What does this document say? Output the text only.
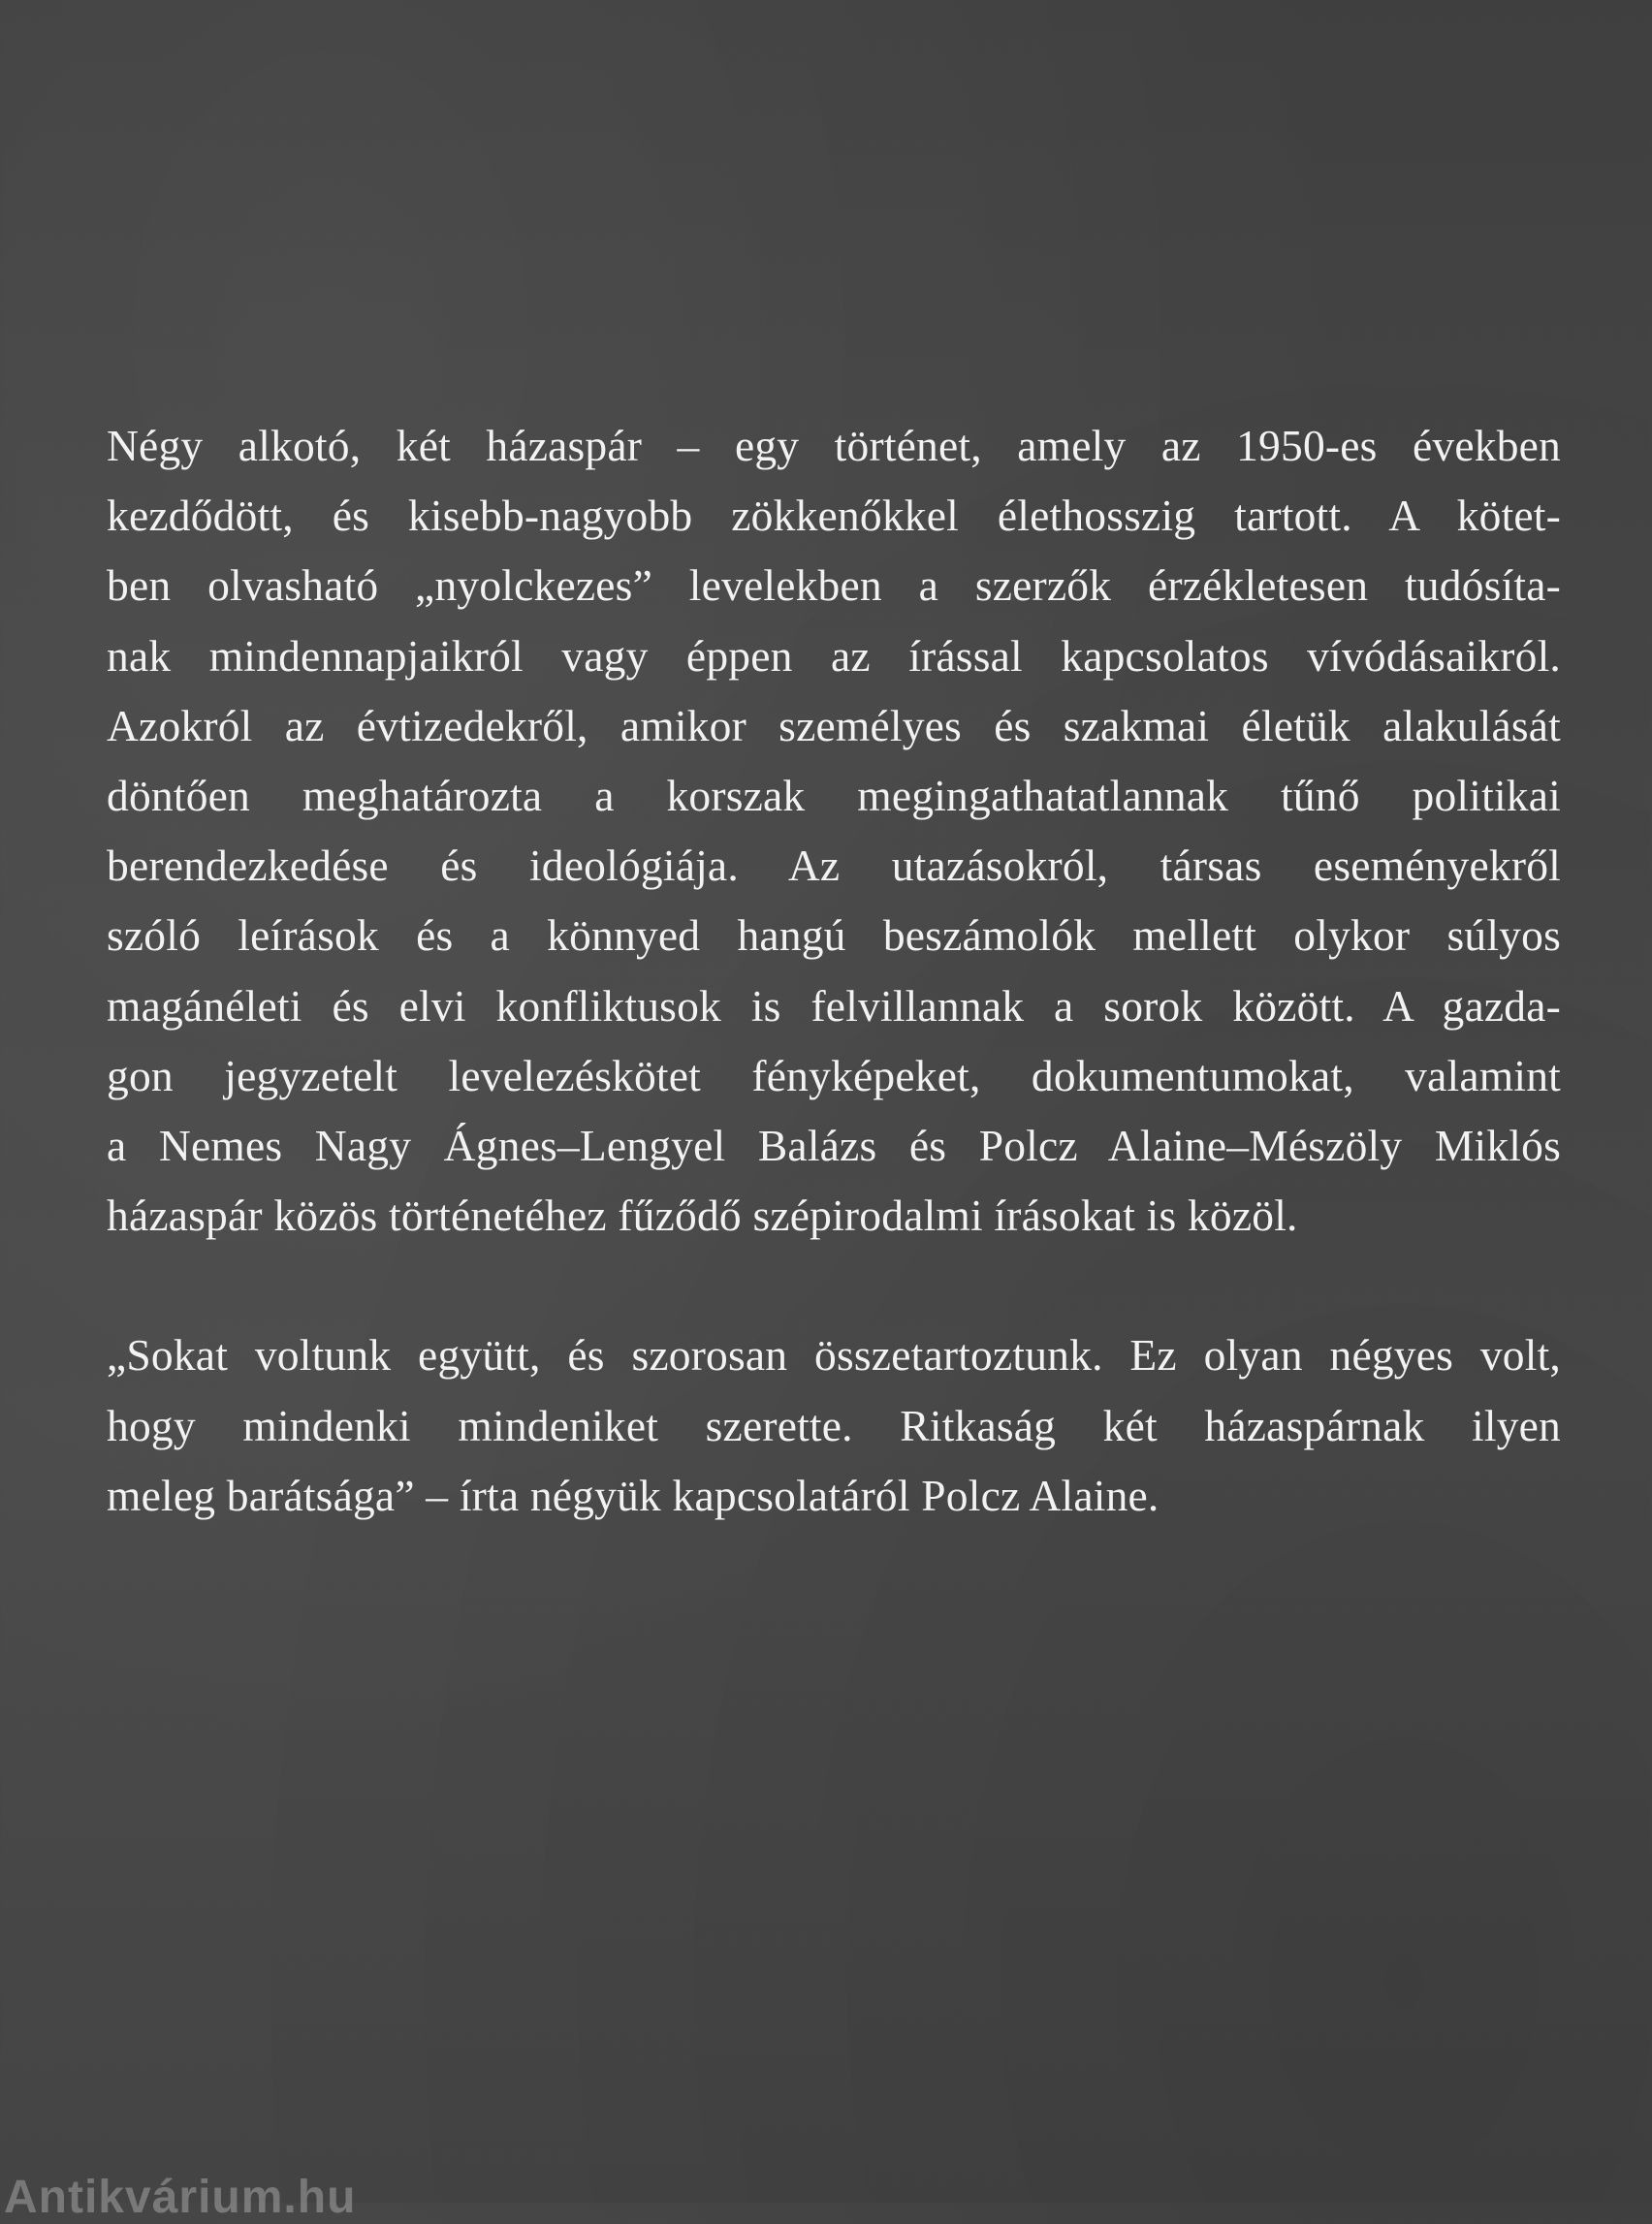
Négy alkotó, két házaspár – egy történet, amely az 1950-es években
kezdődött, és kisebb-nagyobb zökkenőkkel élethosszig tartott. A kötet-
ben olvasható „nyolckezes” levelekben a szerzők érzékletesen tudósíta-
nak mindennapjaikról vagy éppen az írással kapcsolatos vívódásaikról.
Azokról az évtizedekről, amikor személyes és szakmai életük alakulását
döntően meghatározta a korszak megingathatatlannak tűnő politikai
berendezkedése és ideológiája. Az utazásokról, társas eseményekről
szóló leírások és a könnyed hangú beszámolók mellett olykor súlyos
magánéleti és elvi konfliktusok is felvillannak a sorok között. A gazda-
gon jegyzetelt levelezéskötet fényképeket, dokumentumokat, valamint
a Nemes Nagy Ágnes–Lengyel Balázs és Polcz Alaine–Mészöly Miklós
házaspár közös történetéhez fűződő szépirodalmi írásokat is közöl.

„Sokat voltunk együtt, és szorosan összetartoztunk. Ez olyan négyes volt,
hogy mindenki mindeniket szerette. Ritkaság két házaspárnak ilyen
meleg barátsága” – írta négyük kapcsolatáról Polcz Alaine.

Antikvárium.hu
